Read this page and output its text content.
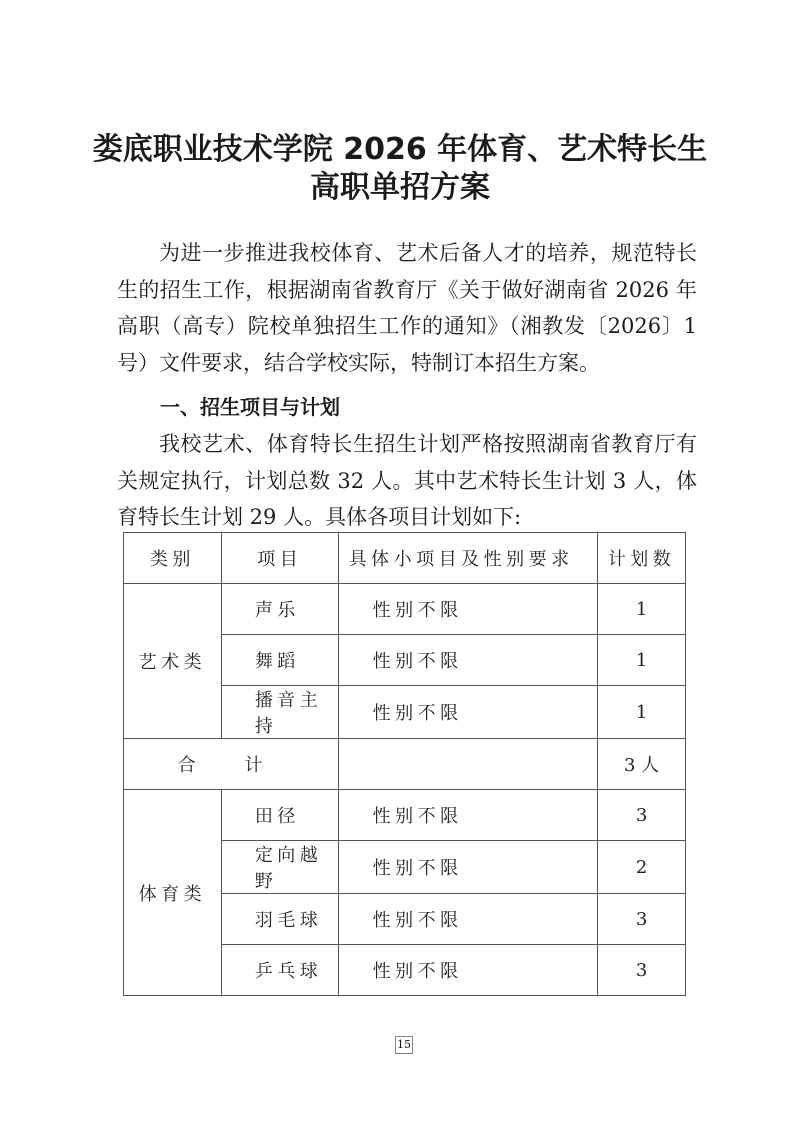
娄底职业技术学院 2026 年体育、艺术特长生
高职单招方案

为进一步推进我校体育、艺术后备人才的培养，规范特长生的招生工作，根据湖南省教育厅《关于做好湖南省 2026 年高职（高专）院校单独招生工作的通知》（湘教发〔2026〕1 号）文件要求，结合学校实际，特制订本招生方案。

一、招生项目与计划

我校艺术、体育特长生招生计划严格按照湖南省教育厅有关规定执行，计划总数 32 人。其中艺术特长生计划 3 人，体育特长生计划 29 人。具体各项目计划如下:

类别	项目	具体小项目及性别要求	计划数
艺术类	声乐	性别不限	1
	舞蹈	性别不限	1
	播音主持	性别不限	1
合 计			3 人
体育类	田径	性别不限	3
	定向越野	性别不限	2
	羽毛球	性别不限	3
	乒乓球	性别不限	3
15
